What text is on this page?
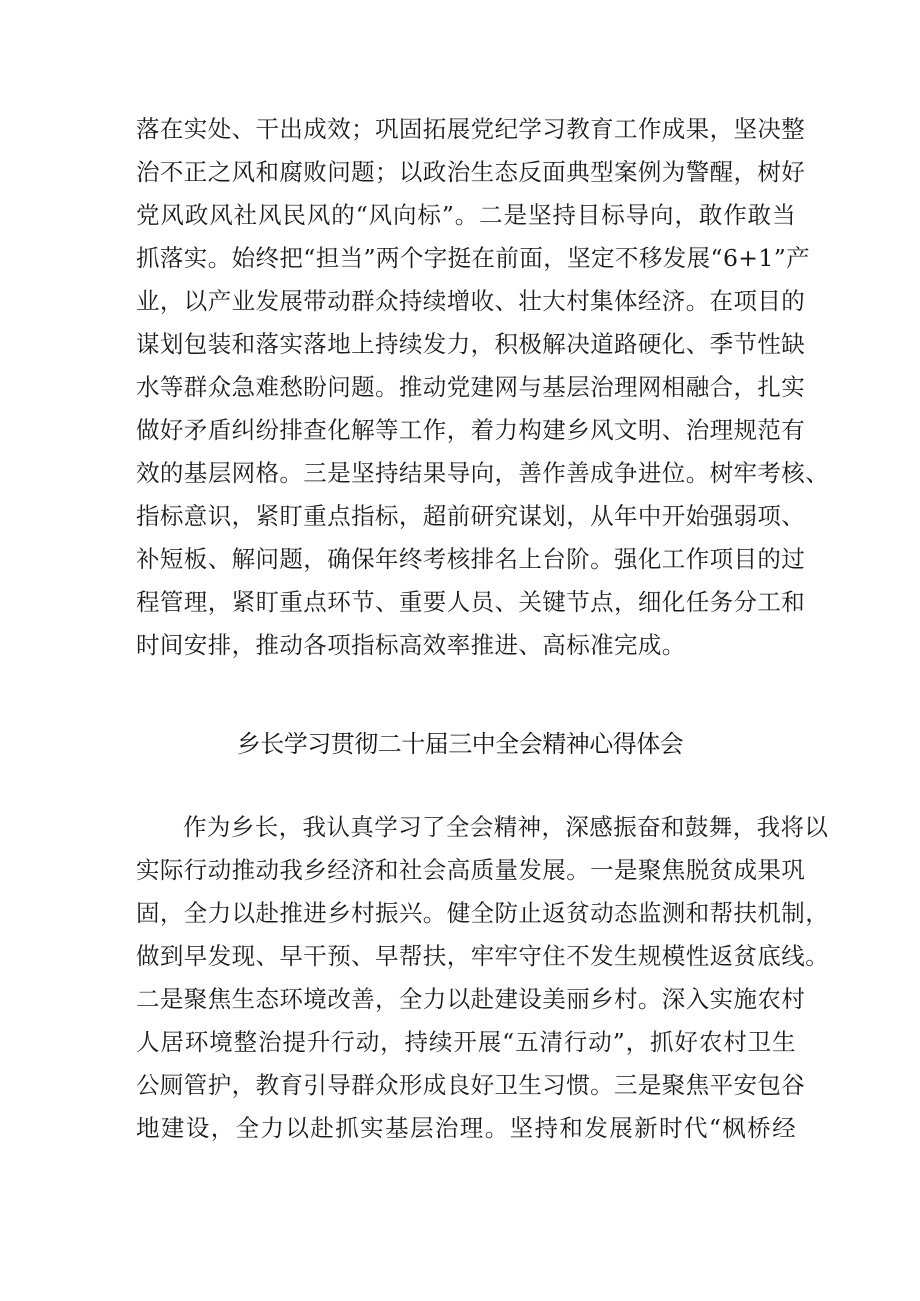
落在实处、干出成效；巩固拓展党纪学习教育工作成果，坚决整
治不正之风和腐败问题；以政治生态反面典型案例为警醒，树好
党风政风社风民风的“风向标”。二是坚持目标导向，敢作敢当
抓落实。始终把“担当”两个字挺在前面，坚定不移发展“6+1”产
业，以产业发展带动群众持续增收、壮大村集体经济。在项目的
谋划包装和落实落地上持续发力，积极解决道路硬化、季节性缺
水等群众急难愁盼问题。推动党建网与基层治理网相融合，扎实
做好矛盾纠纷排查化解等工作，着力构建乡风文明、治理规范有
效的基层网格。三是坚持结果导向，善作善成争进位。树牢考核、
指标意识，紧盯重点指标，超前研究谋划，从年中开始强弱项、
补短板、解问题，确保年终考核排名上台阶。强化工作项目的过
程管理，紧盯重点环节、重要人员、关键节点，细化任务分工和
时间安排，推动各项指标高效率推进、高标准完成。
乡长学习贯彻二十届三中全会精神心得体会
作为乡长，我认真学习了全会精神，深感振奋和鼓舞，我将以
实际行动推动我乡经济和社会高质量发展。一是聚焦脱贫成果巩
固，全力以赴推进乡村振兴。健全防止返贫动态监测和帮扶机制，
做到早发现、早干预、早帮扶，牢牢守住不发生规模性返贫底线。
二是聚焦生态环境改善，全力以赴建设美丽乡村。深入实施农村
人居环境整治提升行动，持续开展“五清行动”，抓好农村卫生
公厕管护，教育引导群众形成良好卫生习惯。三是聚焦平安包谷
地建设，全力以赴抓实基层治理。坚持和发展新时代“枫桥经
